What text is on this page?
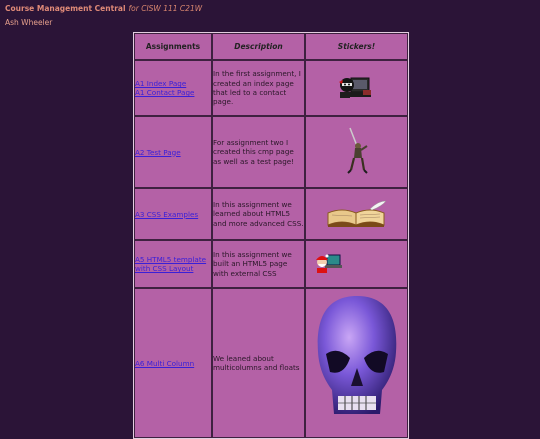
Course Management Central for CISW 111 C21W
Ash Wheeler
Assignments	Description	Stickers!

A1 Index Page
A1 Contact Page	In the first assignment, I created an index page that led to a contact page.	

A2 Test Page	For assignment two I created this cmp page as well as a test page!	

A3 CSS Examples	In this assignment we learned about HTML5 and more advanced CSS.	

A5 HTML5 template with CSS Layout	In this assignment we built an HTML5 page with external CSS	

A6 Multi Column	We leaned about multicolumns and floats	
